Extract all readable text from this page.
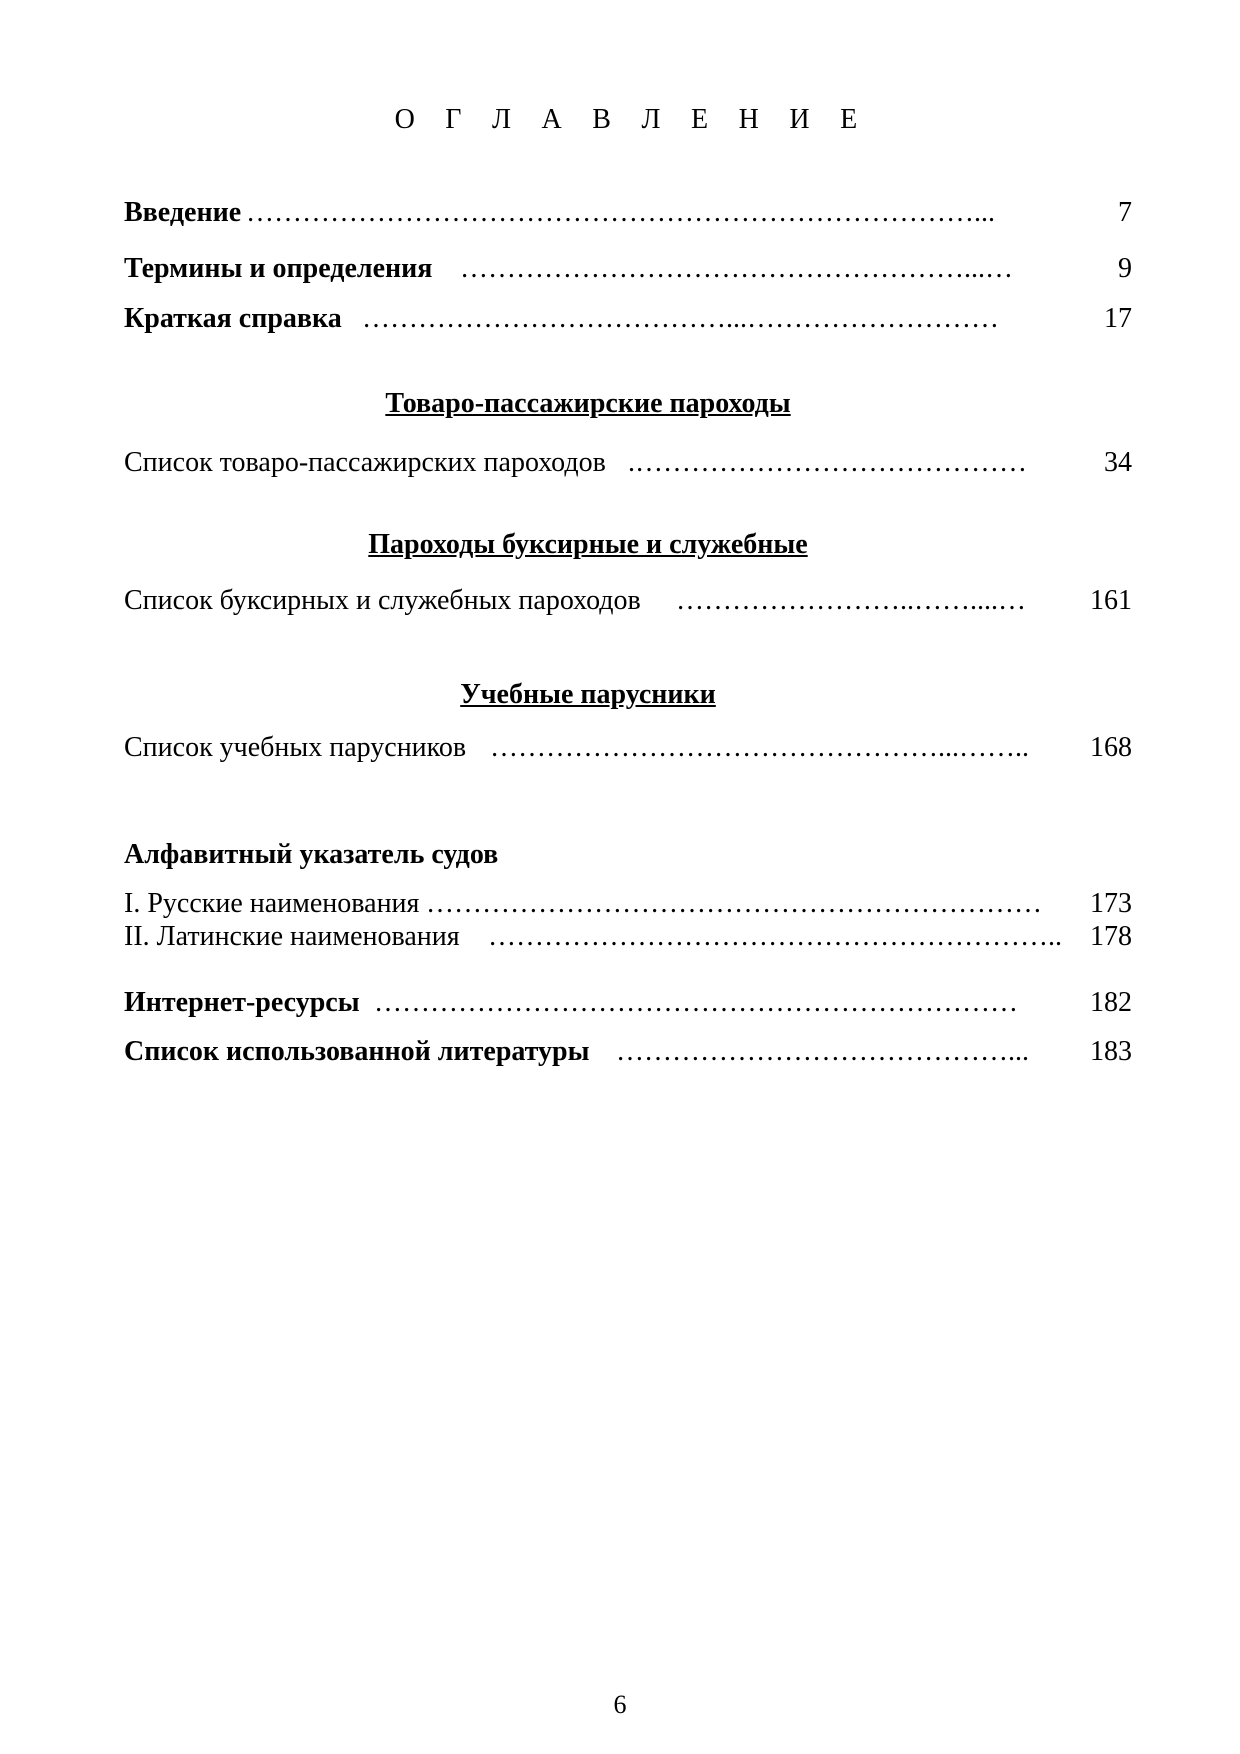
О Г Л А В Л Е Н И Е
Введение ……………………………………………………………………...	7
Термины и определения ………………………………………………...…	9
Краткая справка …………………………………...………………………	17
Товаро-пассажирские пароходы
Список товаро-пассажирских пароходов .……………………………………	34
Пароходы буксирные и служебные
Список буксирных и служебных пароходов ……………………..……....… 161
Учебные парусники
Список учебных парусников …………………………………………...…….. 168
Алфавитный указатель судов
I. Русские наименования ………………………………………………………… 173
II. Латинские наименования …………………………………………………….. 178
Интернет-ресурсы ……………………………………………………………	182
Список использованной литературы ……………………………………... 183
6
